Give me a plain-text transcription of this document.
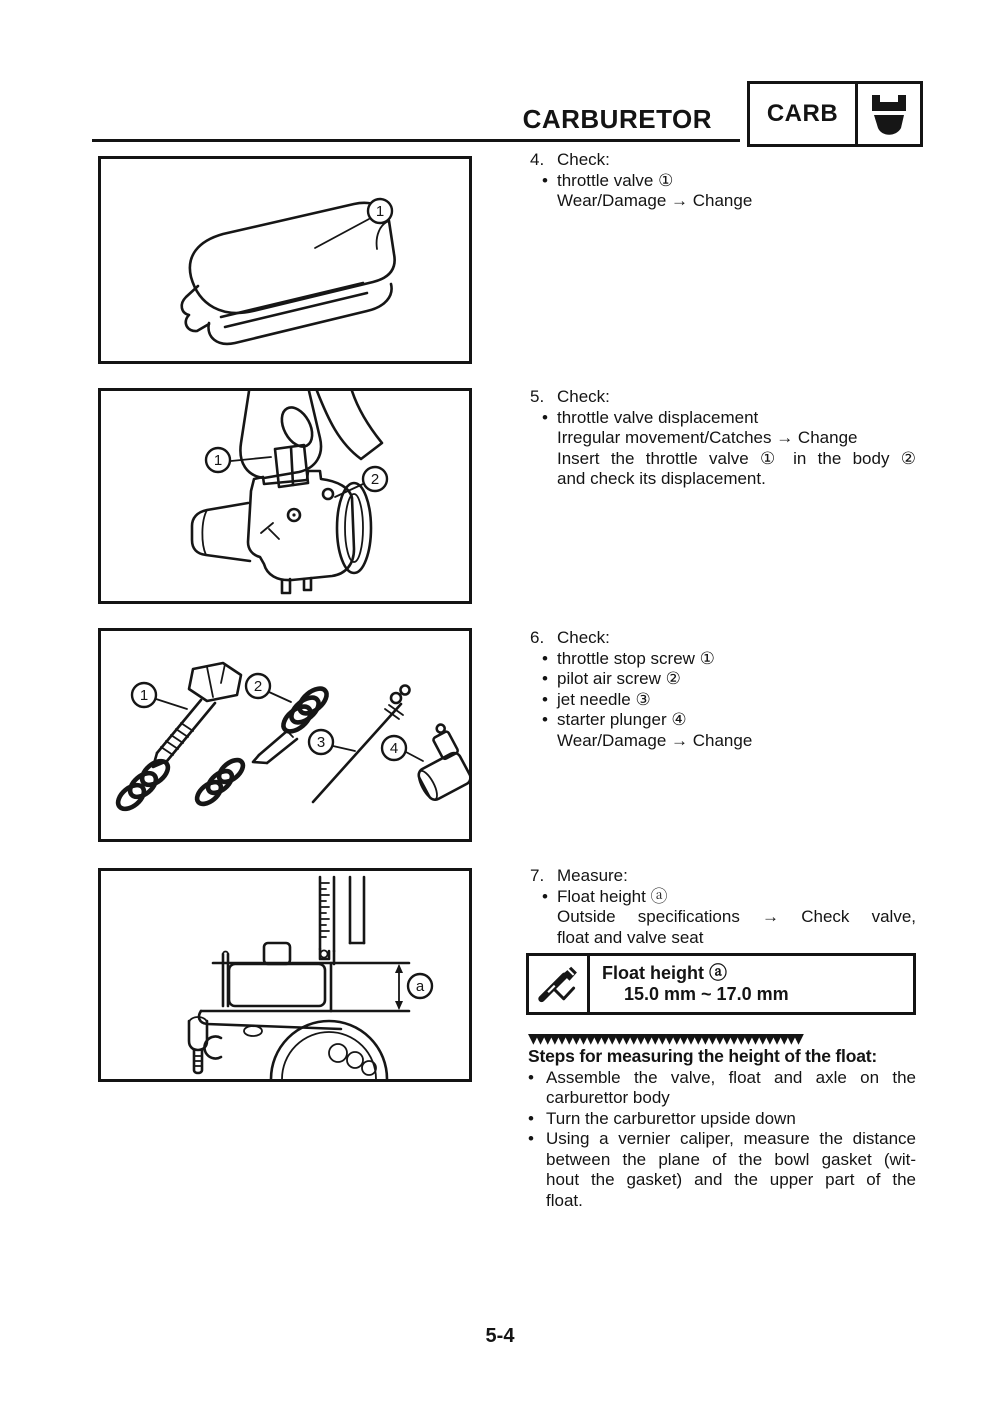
CARBURETOR	CARB
1
1
2
1
2
3	4
a
4. Check:
• throttle valve ①
Wear/Damage → Change
5. Check:
• throttle valve displacement
Irregular movement/Catches → Change
Insert the throttle valve ① in the body ②
and check its displacement.
6. Check:
• throttle stop screw ①
• pilot air screw ②
• jet needle ③
• starter plunger ④
Wear/Damage → Change
7. Measure:
• Float height ⓐ
Outside specifications → Check valve,
float and valve seat
Float height ⓐ
15.0 mm ~ 17.0 mm
▼▼▼▼▼▼▼▼▼▼▼▼▼▼▼▼▼▼▼▼▼▼▼▼▼▼▼▼▼▼▼▼▼▼▼▼▼▼
Steps for measuring the height of the float:
• Assemble the valve, float and axle on the
carburettor body
• Turn the carburettor upside down
• Using a vernier caliper, measure the distance
between the plane of the bowl gasket (wit-
hout the gasket) and the upper part of the
float.
5-4
